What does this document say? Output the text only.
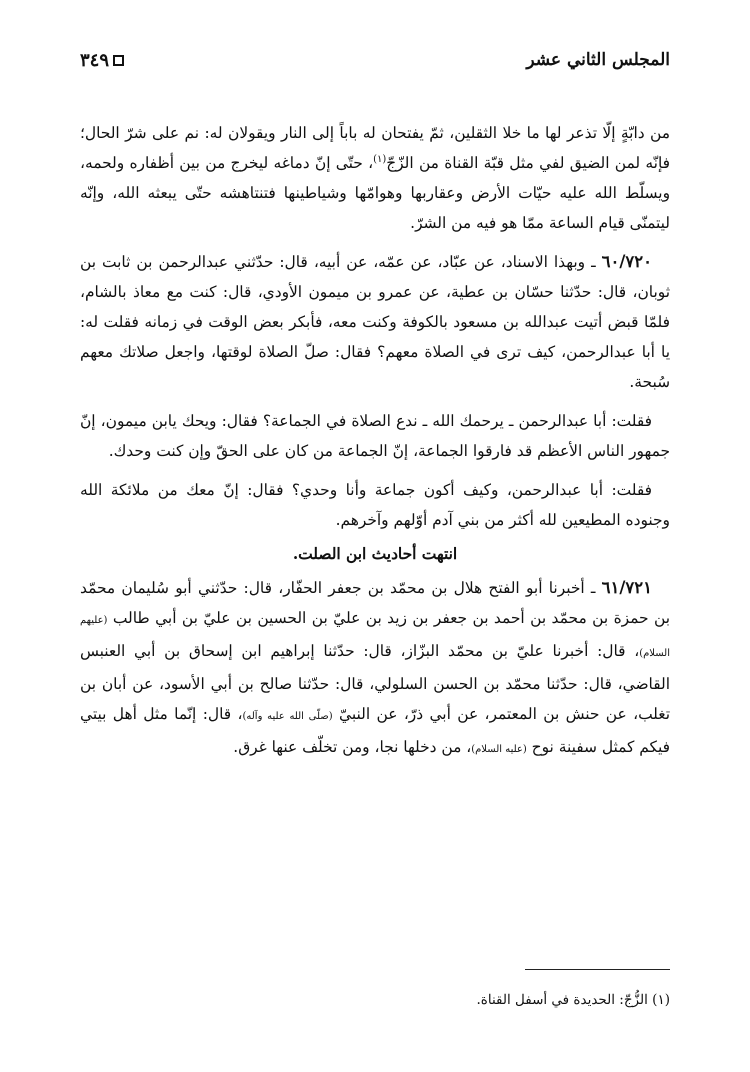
المجلس الثاني عشر
٣٤٩

من دابّةٍ إلّا تذعر لها ما خلا الثقلين، ثمّ يفتحان له باباً إلى النار ويقولان له: نم على شرّ الحال؛ فإنّه لمن الضيق لفي مثل قبّة القناة من الزّجّ$^{(١)}$، حتّى إنّ دماغه ليخرج من بين أظفاره ولحمه، ويسلّط الله عليه حيّات الأرض وعقاربها وهوامّها وشياطينها فتنتاهشه حتّى يبعثه الله، وإنّه ليتمنّى قيام الساعة ممّا هو فيه من الشرّ.

٦٠/٧٢٠ ـ وبهذا الاسناد، عن عبّاد، عن عمّه، عن أبيه، قال: حدّثني عبدالرحمن بن ثابت بن ثوبان، قال: حدّثنا حسّان بن عطية، عن عمرو بن ميمون الأودي، قال: كنت مع معاذ بالشام، فلمّا قبض أتيت عبدالله بن مسعود بالكوفة وكنت معه، فأبكر بعض الوقت في زمانه فقلت له: يا أبا عبدالرحمن، كيف ترى في الصلاة معهم؟ فقال: صلّ الصلاة لوقتها، واجعل صلاتك معهم سُبحة.

فقلت: أبا عبدالرحمن ـ يرحمك الله ـ ندع الصلاة في الجماعة؟ فقال: ويحك يابن ميمون، إنّ جمهور الناس الأعظم قد فارقوا الجماعة، إنّ الجماعة من كان على الحقّ وإن كنت وحدك.

فقلت: أبا عبدالرحمن، وكيف أكون جماعة وأنا وحدي؟ فقال: إنّ معك من ملائكة الله وجنوده المطيعين لله أكثر من بني آدم أوّلهم وآخرهم.

انتهت أحاديث ابن الصلت.

٦١/٧٢١ ـ أخبرنا أبو الفتح هلال بن محمّد بن جعفر الحفّار، قال: حدّثني أبو سُليمان محمّد بن حمزة بن محمّد بن أحمد بن جعفر بن زيد بن عليّ بن الحسين بن عليّ بن أبي طالب (عليهم السلام)، قال: أخبرنا عليّ بن محمّد البزّاز، قال: حدّثنا إبراهيم ابن إسحاق بن أبي العنبس القاضي، قال: حدّثنا محمّد بن الحسن السلولي، قال: حدّثنا صالح بن أبي الأسود، عن أبان بن تغلب، عن حنش بن المعتمر، عن أبي ذرّ، عن النبيّ (صلّى الله عليه وآله)، قال: إنّما مثل أهل بيتي فيكم كمثل سفينة نوح (عليه السلام)، من دخلها نجا، ومن تخلّف عنها غرق.

(١) الزُّجّ: الحديدة في أسفل القناة.
